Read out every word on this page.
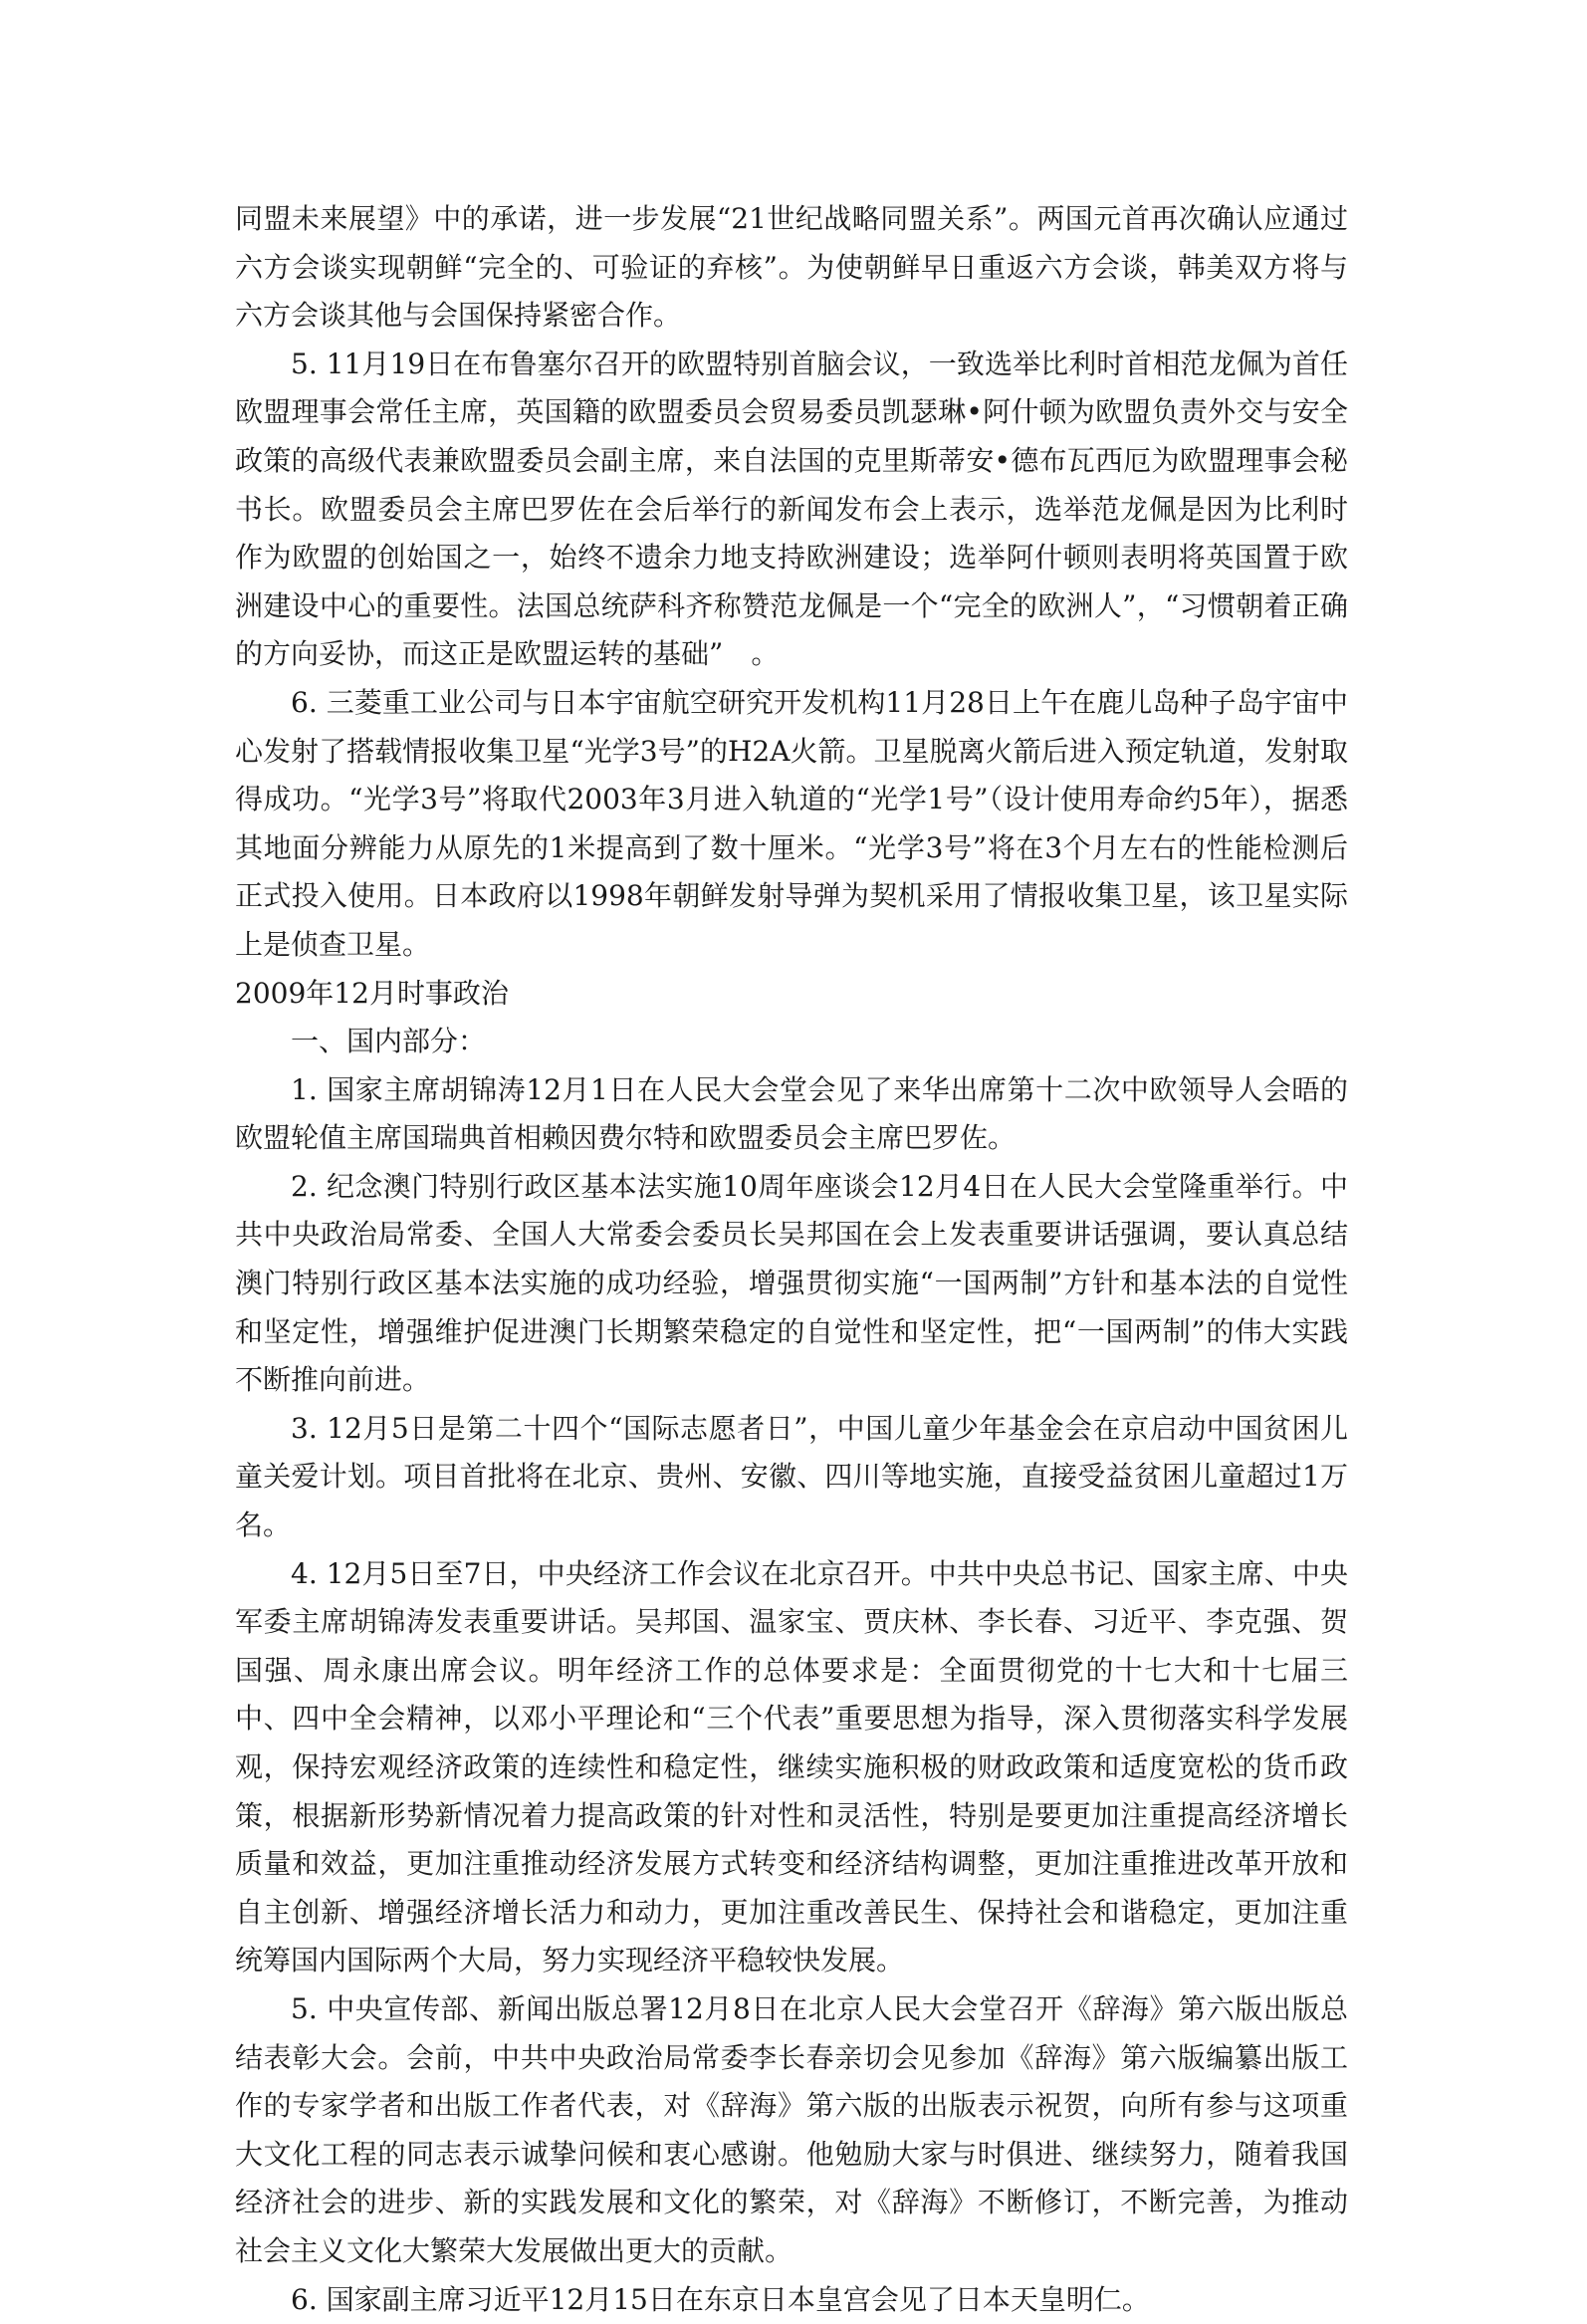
同盟未来展望》中的承诺，进一步发展“21世纪战略同盟关系”。两国元首再次确认应通过六方会谈实现朝鲜“完全的、可验证的弃核”。为使朝鲜早日重返六方会谈，韩美双方将与六方会谈其他与会国保持紧密合作。

5. 11月19日在布鲁塞尔召开的欧盟特别首脑会议，一致选举比利时首相范龙佩为首任欧盟理事会常任主席，英国籍的欧盟委员会贸易委员凯瑟琳•阿什顿为欧盟负责外交与安全政策的高级代表兼欧盟委员会副主席，来自法国的克里斯蒂安•德布瓦西厄为欧盟理事会秘书长。欧盟委员会主席巴罗佐在会后举行的新闻发布会上表示，选举范龙佩是因为比利时作为欧盟的创始国之一，始终不遗余力地支持欧洲建设；选举阿什顿则表明将英国置于欧洲建设中心的重要性。法国总统萨科齐称赞范龙佩是一个“完全的欧洲人”，“习惯朝着正确的方向妥协，而这正是欧盟运转的基础”　。

6. 三菱重工业公司与日本宇宙航空研究开发机构11月28日上午在鹿儿岛种子岛宇宙中心发射了搭载情报收集卫星“光学3号”的H2A火箭。卫星脱离火箭后进入预定轨道，发射取得成功。“光学3号”将取代2003年3月进入轨道的“光学1号”（设计使用寿命约5年），据悉其地面分辨能力从原先的1米提高到了数十厘米。“光学3号”将在3个月左右的性能检测后正式投入使用。日本政府以1998年朝鲜发射导弹为契机采用了情报收集卫星，该卫星实际上是侦查卫星。

2009年12月时事政治

一、国内部分：

1. 国家主席胡锦涛12月1日在人民大会堂会见了来华出席第十二次中欧领导人会晤的欧盟轮值主席国瑞典首相赖因费尔特和欧盟委员会主席巴罗佐。

2. 纪念澳门特别行政区基本法实施10周年座谈会12月4日在人民大会堂隆重举行。中共中央政治局常委、全国人大常委会委员长吴邦国在会上发表重要讲话强调，要认真总结澳门特别行政区基本法实施的成功经验，增强贯彻实施“一国两制”方针和基本法的自觉性和坚定性，增强维护促进澳门长期繁荣稳定的自觉性和坚定性，把“一国两制”的伟大实践不断推向前进。

3. 12月5日是第二十四个“国际志愿者日”，中国儿童少年基金会在京启动中国贫困儿童关爱计划。项目首批将在北京、贵州、安徽、四川等地实施，直接受益贫困儿童超过1万名。

4. 12月5日至7日，中央经济工作会议在北京召开。中共中央总书记、国家主席、中央军委主席胡锦涛发表重要讲话。吴邦国、温家宝、贾庆林、李长春、习近平、李克强、贺国强、周永康出席会议。明年经济工作的总体要求是：全面贯彻党的十七大和十七届三中、四中全会精神，以邓小平理论和“三个代表”重要思想为指导，深入贯彻落实科学发展观，保持宏观经济政策的连续性和稳定性，继续实施积极的财政政策和适度宽松的货币政策，根据新形势新情况着力提高政策的针对性和灵活性，特别是要更加注重提高经济增长质量和效益，更加注重推动经济发展方式转变和经济结构调整，更加注重推进改革开放和自主创新、增强经济增长活力和动力，更加注重改善民生、保持社会和谐稳定，更加注重统筹国内国际两个大局，努力实现经济平稳较快发展。

5. 中央宣传部、新闻出版总署12月8日在北京人民大会堂召开《辞海》第六版出版总结表彰大会。会前，中共中央政治局常委李长春亲切会见参加《辞海》第六版编纂出版工作的专家学者和出版工作者代表，对《辞海》第六版的出版表示祝贺，向所有参与这项重大文化工程的同志表示诚挚问候和衷心感谢。他勉励大家与时俱进、继续努力，随着我国经济社会的进步、新的实践发展和文化的繁荣，对《辞海》不断修订，不断完善，为推动社会主义文化大繁荣大发展做出更大的贡献。

6. 国家副主席习近平12月15日在东京日本皇宫会见了日本天皇明仁。
